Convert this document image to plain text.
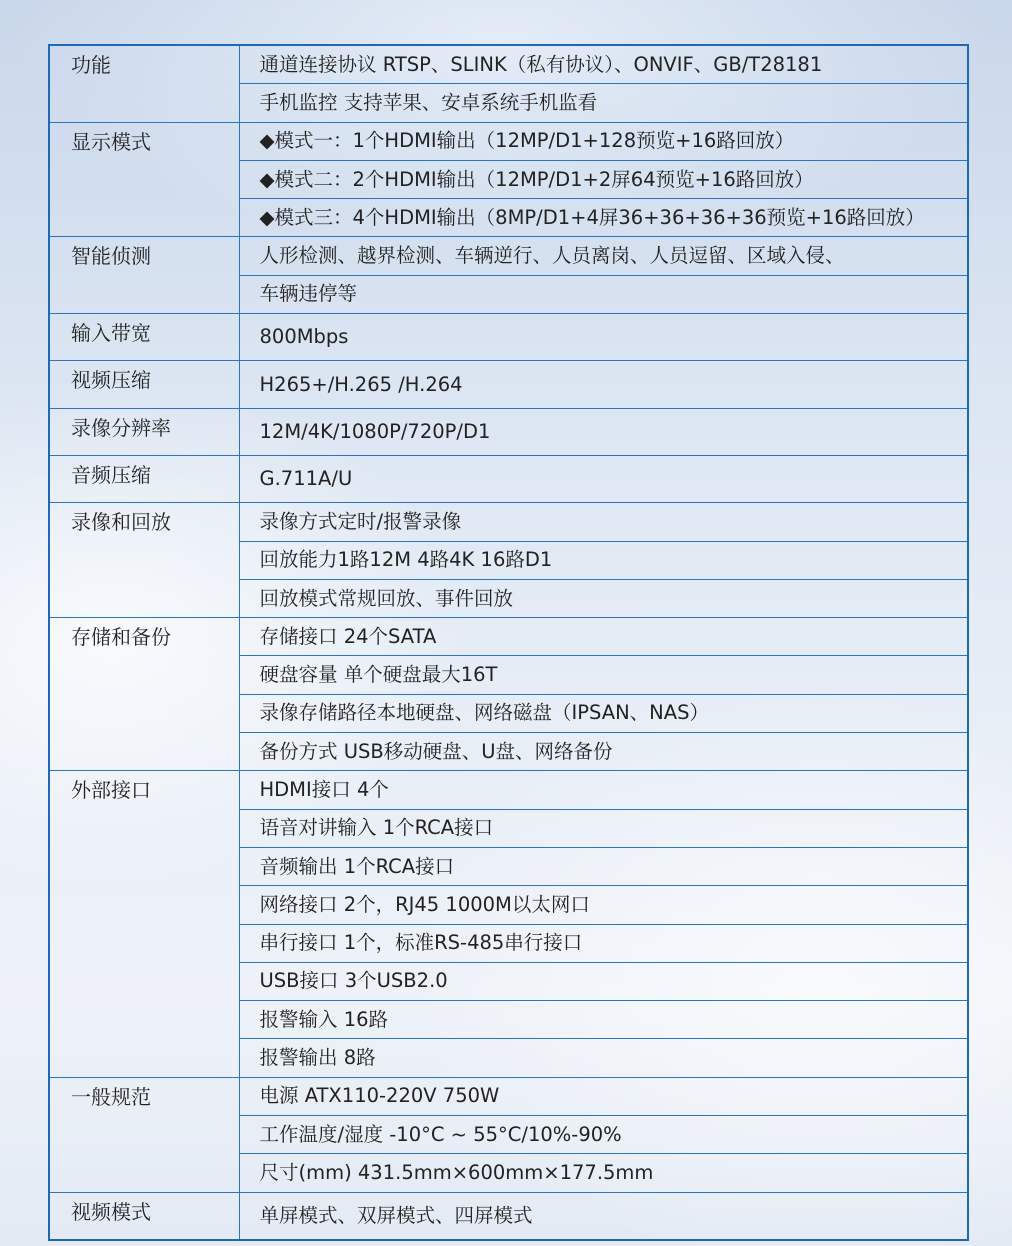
功能	通道连接协议 RTSP、SLINK（私有协议）、ONVIF、GB/T28181
	手机监控 支持苹果、安卓系统手机监看
显示模式	◆模式一：1个HDMI输出（12MP/D1+128预览+16路回放）
	◆模式二：2个HDMI输出（12MP/D1+2屏64预览+16路回放）
	◆模式三：4个HDMI输出（8MP/D1+4屏36+36+36+36预览+16路回放）
智能侦测	人形检测、越界检测、车辆逆行、人员离岗、人员逗留、区域入侵、
	车辆违停等
输入带宽	800Mbps
视频压缩	H265+/H.265 /H.264
录像分辨率	12M/4K/1080P/720P/D1
音频压缩	G.711A/U
录像和回放	录像方式定时/报警录像
	回放能力1路12M 4路4K 16路D1
	回放模式常规回放、事件回放
存储和备份	存储接口 24个SATA
	硬盘容量 单个硬盘最大16T
	录像存储路径本地硬盘、网络磁盘（IPSAN、NAS）
	备份方式 USB移动硬盘、U盘、网络备份
外部接口	HDMI接口 4个
	语音对讲输入 1个RCA接口
	音频输出 1个RCA接口
	网络接口 2个，RJ45 1000M以太网口
	串行接口 1个，标准RS-485串行接口
	USB接口 3个USB2.0
	报警输入 16路
	报警输出 8路
一般规范	电源 ATX110-220V 750W
	工作温度/湿度 -10°C ~ 55°C/10%-90%
	尺寸(mm) 431.5mm×600mm×177.5mm
视频模式	单屏模式、双屏模式、四屏模式
